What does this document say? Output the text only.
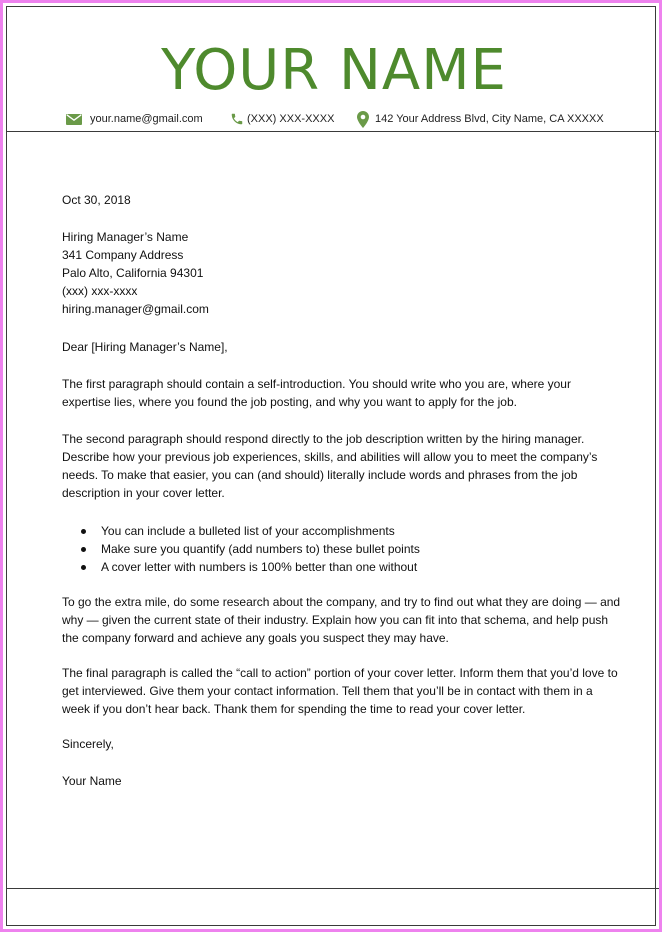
YOUR NAME
your.name@gmail.com	(XXX) XXX-XXXX	142 Your Address Blvd, City Name, CA XXXXX

Oct 30, 2018

Hiring Manager’s Name

341 Company Address

Palo Alto, California 94301

(xxx) xxx-xxxx

hiring.manager@gmail.com

Dear [Hiring Manager’s Name],

The first paragraph should contain a self-introduction. You should write who you are, where your expertise lies, where you found the job posting, and why you want to apply for the job.

The second paragraph should respond directly to the job description written by the hiring manager. Describe how your previous job experiences, skills, and abilities will allow you to meet the company’s needs. To make that easier, you can (and should) literally include words and phrases from the job description in your cover letter.

You can include a bulleted list of your accomplishments
Make sure you quantify (add numbers to) these bullet points
A cover letter with numbers is 100% better than one without

To go the extra mile, do some research about the company, and try to find out what they are doing — and why — given the current state of their industry. Explain how you can fit into that schema, and help push the company forward and achieve any goals you suspect they may have.

The final paragraph is called the “call to action” portion of your cover letter. Inform them that you’d love to get interviewed. Give them your contact information. Tell them that you’ll be in contact with them in a week if you don’t hear back. Thank them for spending the time to read your cover letter.

Sincerely,

Your Name
